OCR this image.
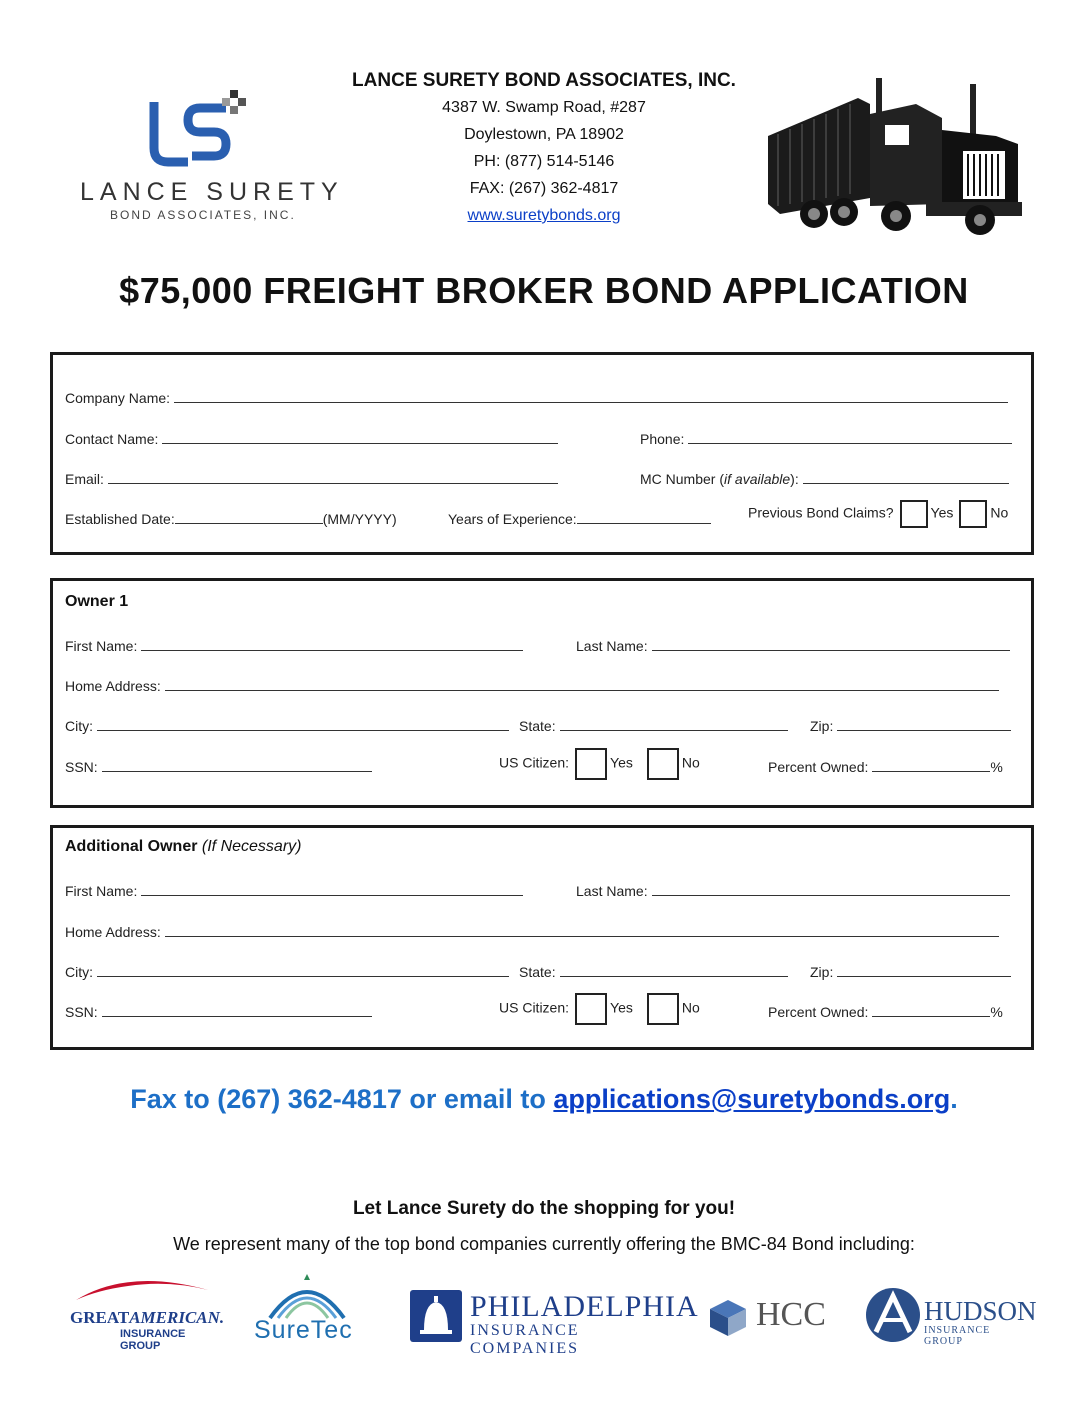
LANCE SURETY
BOND ASSOCIATES, INC.
LANCE SURETY BOND ASSOCIATES, INC.
4387 W. Swamp Road, #287
Doylestown, PA 18902
PH: (877) 514-5146
FAX: (267) 362-4817
www.suretybonds.org
$75,000 FREIGHT BROKER BOND APPLICATION
Company Name:
Contact Name:	Phone:
Email:	MC Number (if available):
Established Date:	(MM/YYYY)	Years of Experience:	Previous Bond Claims?	Yes	No
Owner 1
First Name:	Last Name:
Home Address:
City:	State:	Zip:
SSN:	US Citizen:	Yes	No	Percent Owned:	%
Additional Owner (If Necessary)
First Name:	Last Name:
Home Address:
City:	State:	Zip:
SSN:	US Citizen:	Yes	No	Percent Owned:	%
Fax to (267) 362-4817 or email to applications@suretybonds.org.
Let Lance Surety do the shopping for you!
We represent many of the top bond companies currently offering the BMC-84 Bond including:
GREATAMERICAN.
INSURANCE GROUP
SureTec
PHILADELPHIA
INSURANCE COMPANIES
HCC	HUDSON
INSURANCE GROUP
